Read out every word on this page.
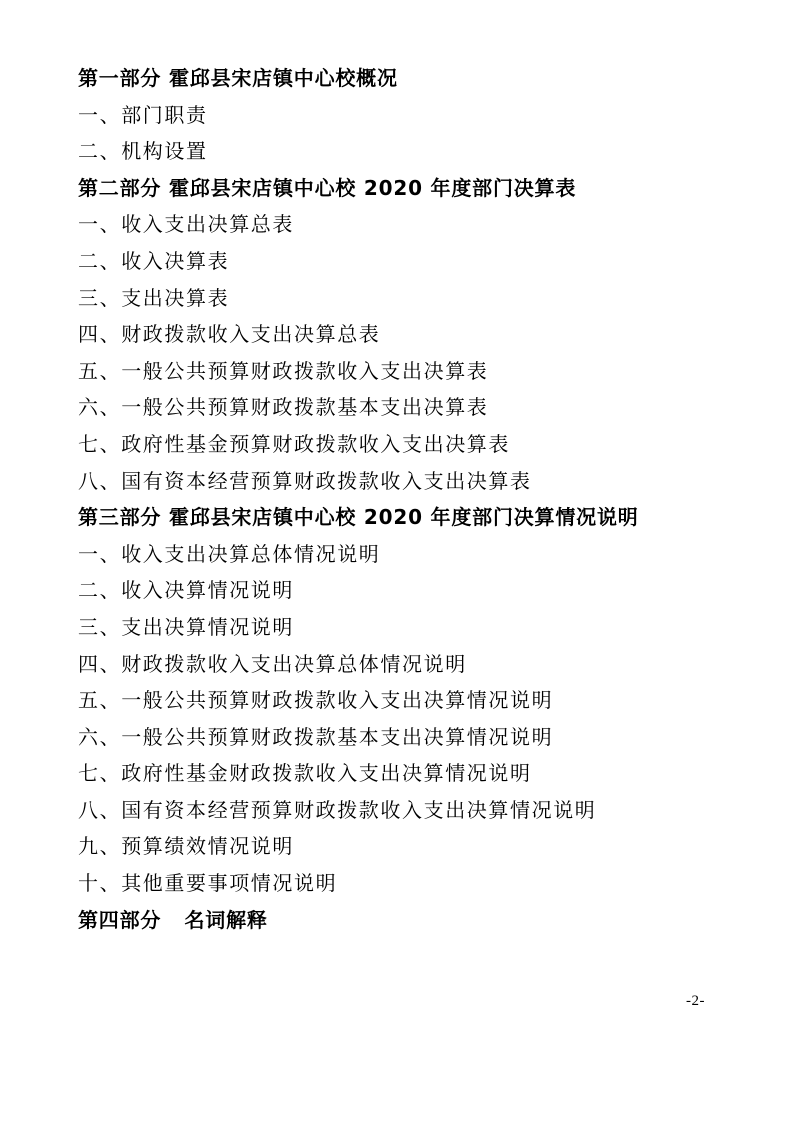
第一部分 霍邱县宋店镇中心校概况
一、部门职责
二、机构设置
第二部分 霍邱县宋店镇中心校 2020 年度部门决算表
一、收入支出决算总表
二、收入决算表
三、支出决算表
四、财政拨款收入支出决算总表
五、一般公共预算财政拨款收入支出决算表
六、一般公共预算财政拨款基本支出决算表
七、政府性基金预算财政拨款收入支出决算表
八、国有资本经营预算财政拨款收入支出决算表
第三部分 霍邱县宋店镇中心校 2020 年度部门决算情况说明
一、收入支出决算总体情况说明
二、收入决算情况说明
三、支出决算情况说明
四、财政拨款收入支出决算总体情况说明
五、一般公共预算财政拨款收入支出决算情况说明
六、一般公共预算财政拨款基本支出决算情况说明
七、政府性基金财政拨款收入支出决算情况说明
八、国有资本经营预算财政拨款收入支出决算情况说明
九、预算绩效情况说明
十、其他重要事项情况说明
第四部分   名词解释
-2-
